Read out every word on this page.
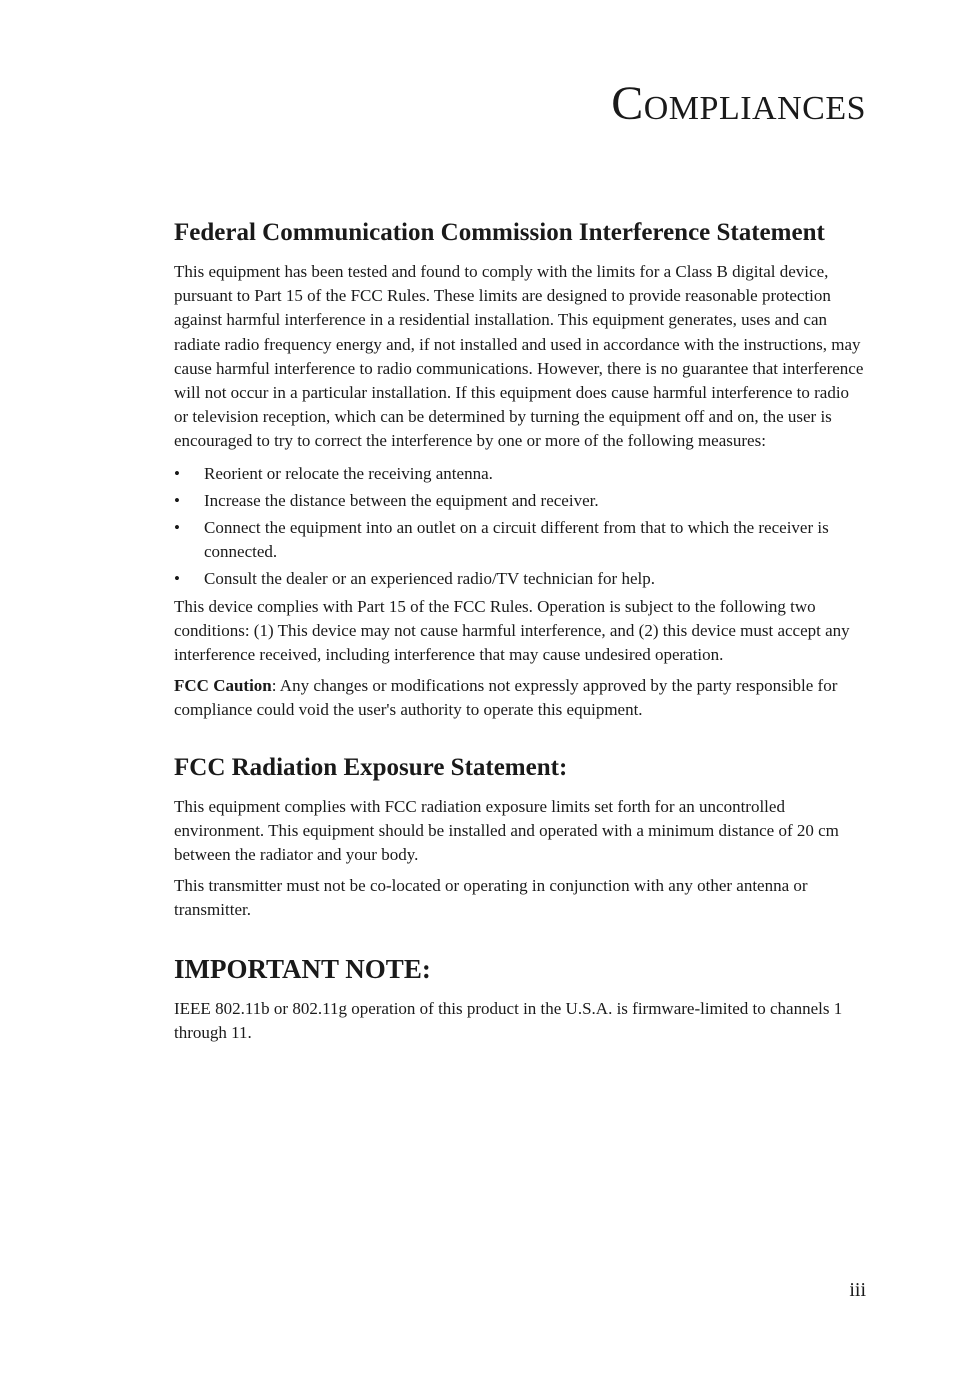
Compliances
Federal Communication Commission Interference Statement

This equipment has been tested and found to comply with the limits for a Class B digital device, pursuant to Part 15 of the FCC Rules. These limits are designed to provide reasonable protection against harmful interference in a residential installation. This equipment generates, uses and can radiate radio frequency energy and, if not installed and used in accordance with the instructions, may cause harmful interference to radio communications. However, there is no guarantee that interference will not occur in a particular installation. If this equipment does cause harmful interference to radio or television reception, which can be determined by turning the equipment off and on, the user is encouraged to try to correct the interference by one or more of the following measures:

• Reorient or relocate the receiving antenna.
• Increase the distance between the equipment and receiver.
• Connect the equipment into an outlet on a circuit different from that to which the receiver is connected.
• Consult the dealer or an experienced radio/TV technician for help.

This device complies with Part 15 of the FCC Rules. Operation is subject to the following two conditions: (1) This device may not cause harmful interference, and (2) this device must accept any interference received, including interference that may cause undesired operation.

FCC Caution: Any changes or modifications not expressly approved by the party responsible for compliance could void the user's authority to operate this equipment.

FCC Radiation Exposure Statement:

This equipment complies with FCC radiation exposure limits set forth for an uncontrolled environment. This equipment should be installed and operated with a minimum distance of 20 cm between the radiator and your body.

This transmitter must not be co-located or operating in conjunction with any other antenna or transmitter.

IMPORTANT NOTE:

IEEE 802.11b or 802.11g operation of this product in the U.S.A. is firmware-limited to channels 1 through 11.

iii
